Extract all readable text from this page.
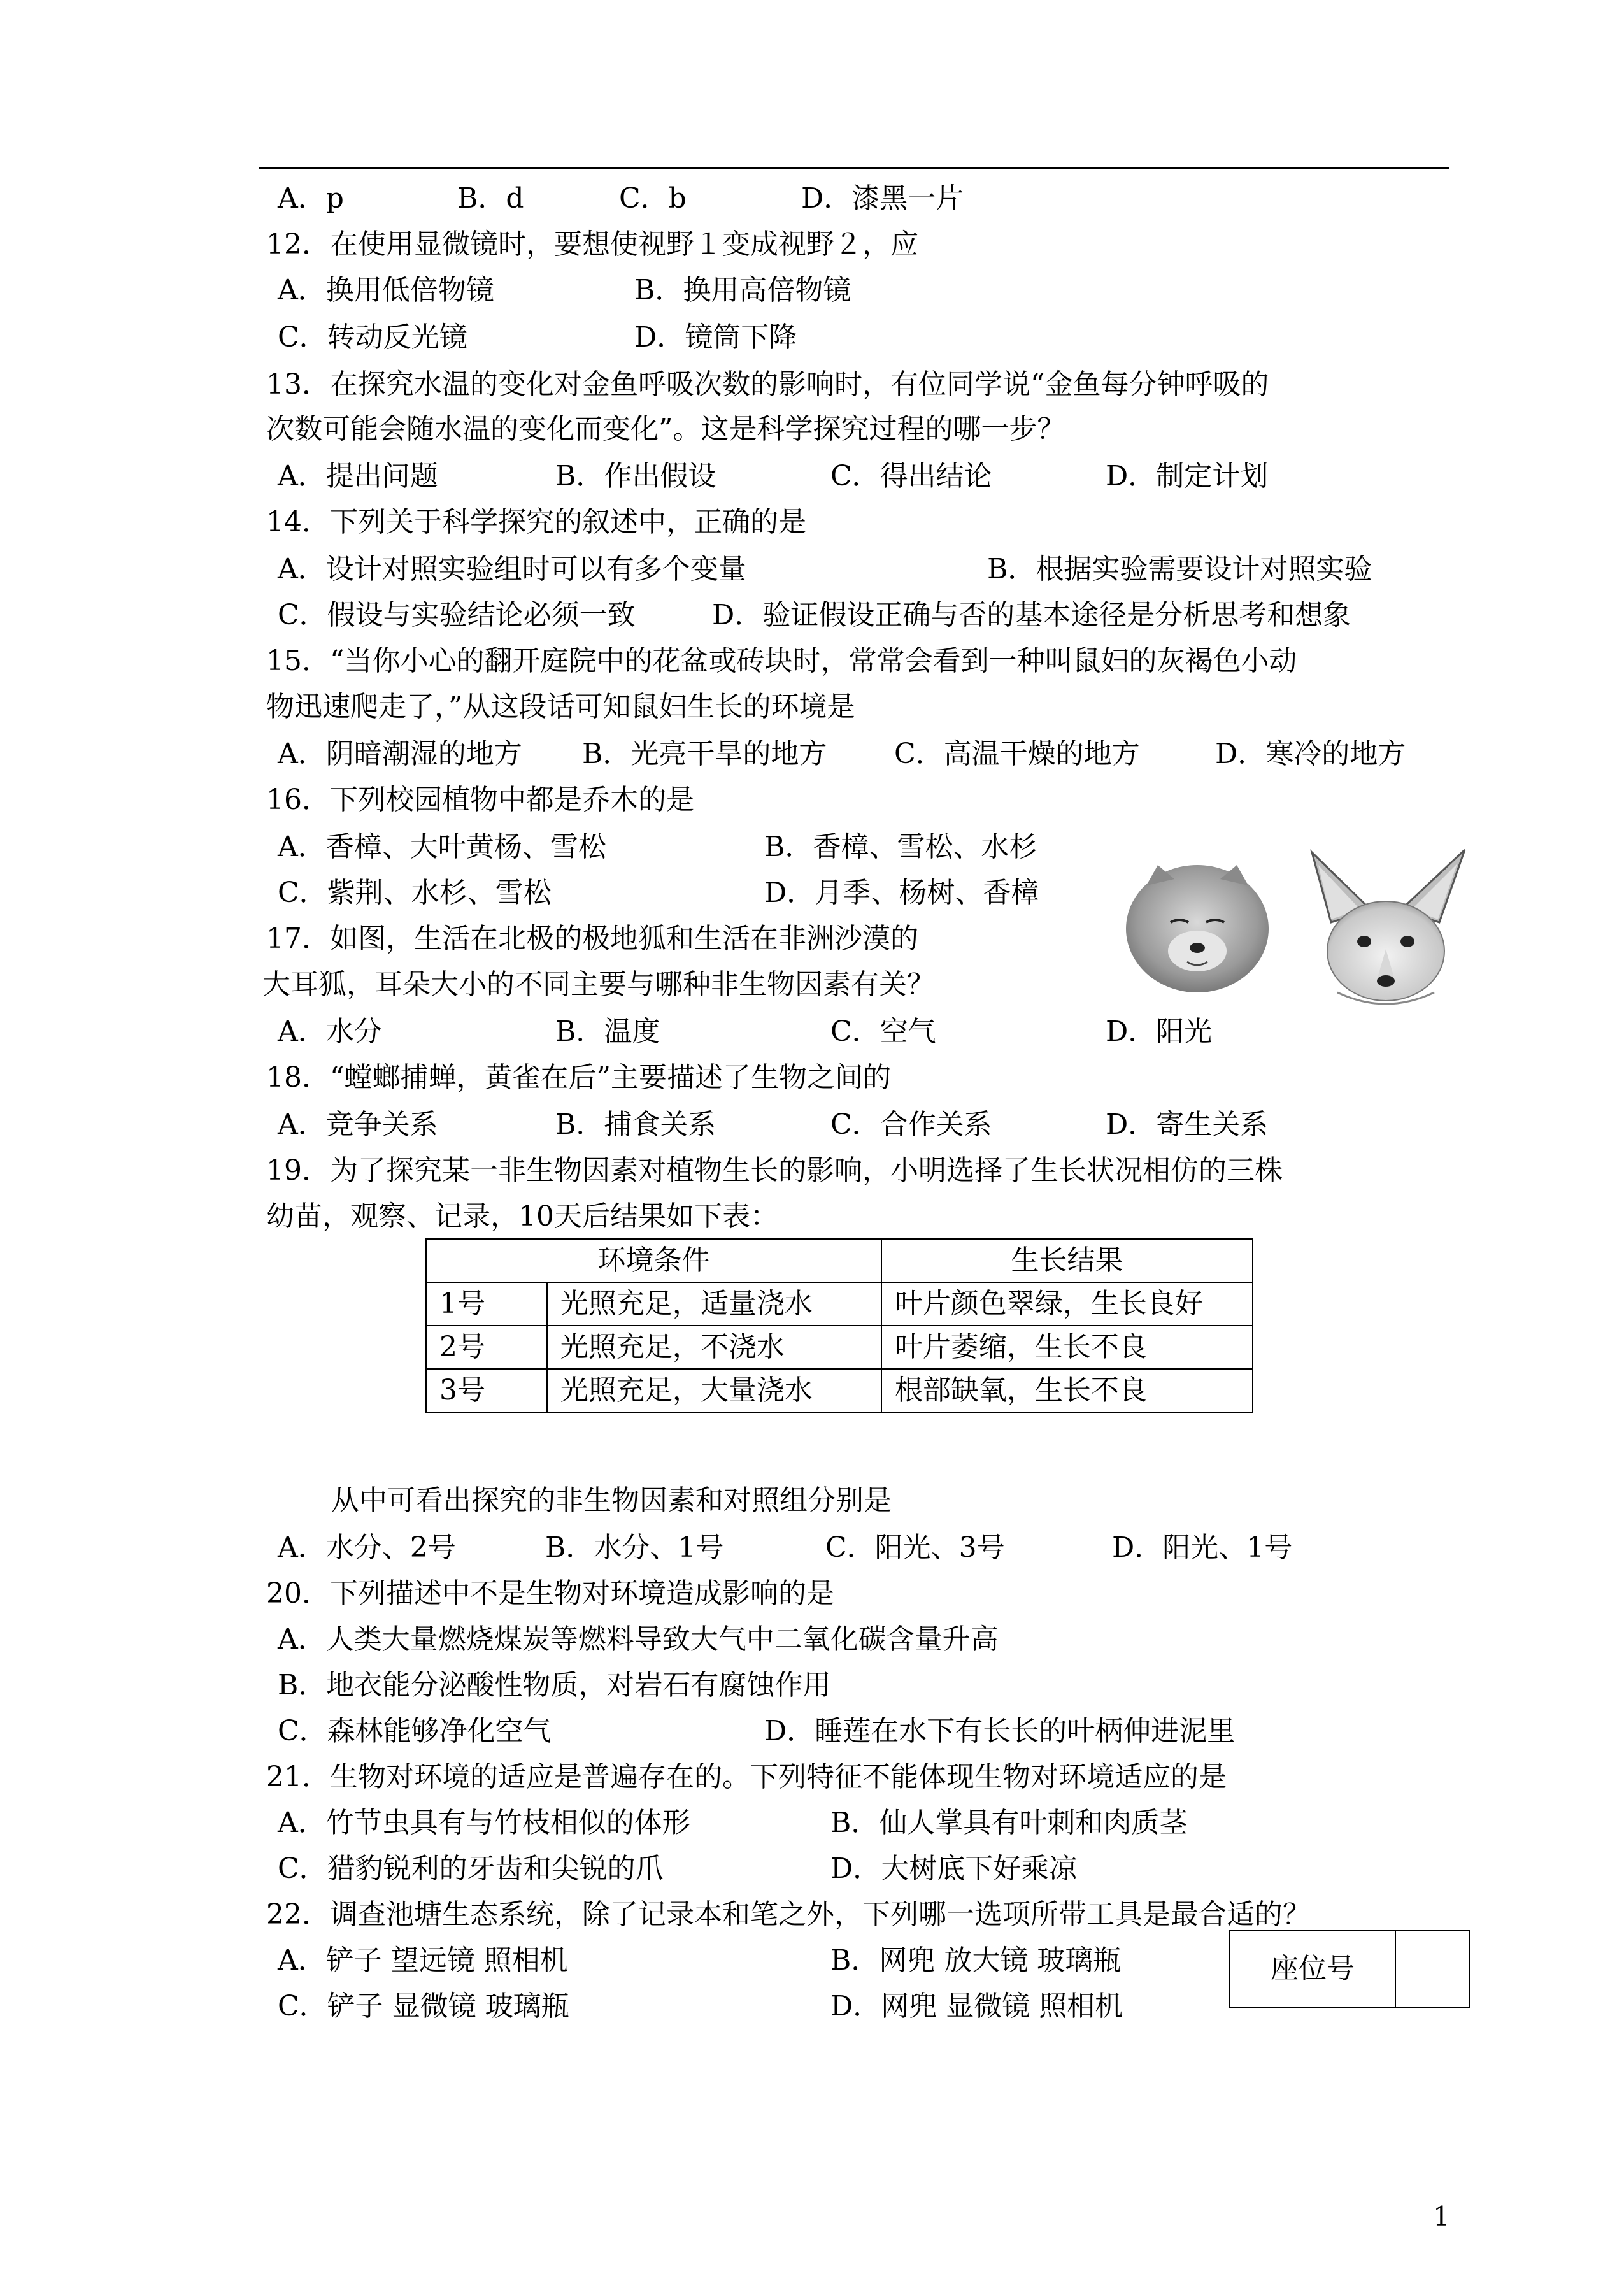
A．p	B．d	C．b	D．漆黑一片
12．在使用显微镜时，要想使视野１变成视野２，应
A．换用低倍物镜	B．换用高倍物镜
C．转动反光镜	D．镜筒下降
13．在探究水温的变化对金鱼呼吸次数的影响时，有位同学说“金鱼每分钟呼吸的
次数可能会随水温的变化而变化”。这是科学探究过程的哪一步？
A．提出问题	B．作出假设	C．得出结论	D．制定计划
14．下列关于科学探究的叙述中，正确的是
A．设计对照实验组时可以有多个变量	B．根据实验需要设计对照实验
C．假设与实验结论必须一致	D．验证假设正确与否的基本途径是分析思考和想象
15．“当你小心的翻开庭院中的花盆或砖块时，常常会看到一种叫鼠妇的灰褐色小动
物迅速爬走了，”从这段话可知鼠妇生长的环境是
A．阴暗潮湿的地方 B．光亮干旱的地方 C．高温干燥的地方	D．寒冷的地方
16．下列校园植物中都是乔木的是
A．香樟、大叶黄杨、雪松	B．香樟、雪松、水杉
C．紫荆、水杉、雪松	D．月季、杨树、香樟
17．如图，生活在北极的极地狐和生活在非洲沙漠的
大耳狐，耳朵大小的不同主要与哪种非生物因素有关？
A．水分	B．温度	C．空气	D．阳光
18．“螳螂捕蝉，黄雀在后”主要描述了生物之间的
A．竞争关系	B．捕食关系	C．合作关系	D．寄生关系
19．为了探究某一非生物因素对植物生长的影响，小明选择了生长状况相仿的三株
幼苗，观察、记录，10天后结果如下表：
环境条件		生长结果
1号	光照充足，适量浇水	叶片颜色翠绿，生长良好
2号	光照充足，不浇水	叶片萎缩，生长不良
3号	光照充足，大量浇水	根部缺氧，生长不良
从中可看出探究的非生物因素和对照组分别是
A．水分、2号	B．水分、1号	C．阳光、3号	D．阳光、1号
20．下列描述中不是生物对环境造成影响的是
A．人类大量燃烧煤炭等燃料导致大气中二氧化碳含量升高
B．地衣能分泌酸性物质，对岩石有腐蚀作用
C．森林能够净化空气	D．睡莲在水下有长长的叶柄伸进泥里
21．生物对环境的适应是普遍存在的。下列特征不能体现生物对环境适应的是
A．竹节虫具有与竹枝相似的体形	B．仙人掌具有叶刺和肉质茎
C．猎豹锐利的牙齿和尖锐的爪	D．大树底下好乘凉
22．调查池塘生态系统，除了记录本和笔之外，下列哪一选项所带工具是最合适的？
A．铲子 望远镜 照相机	B．网兜 放大镜 玻璃瓶
C．铲子 显微镜 玻璃瓶	D．网兜 显微镜 照相机
座位号
1
